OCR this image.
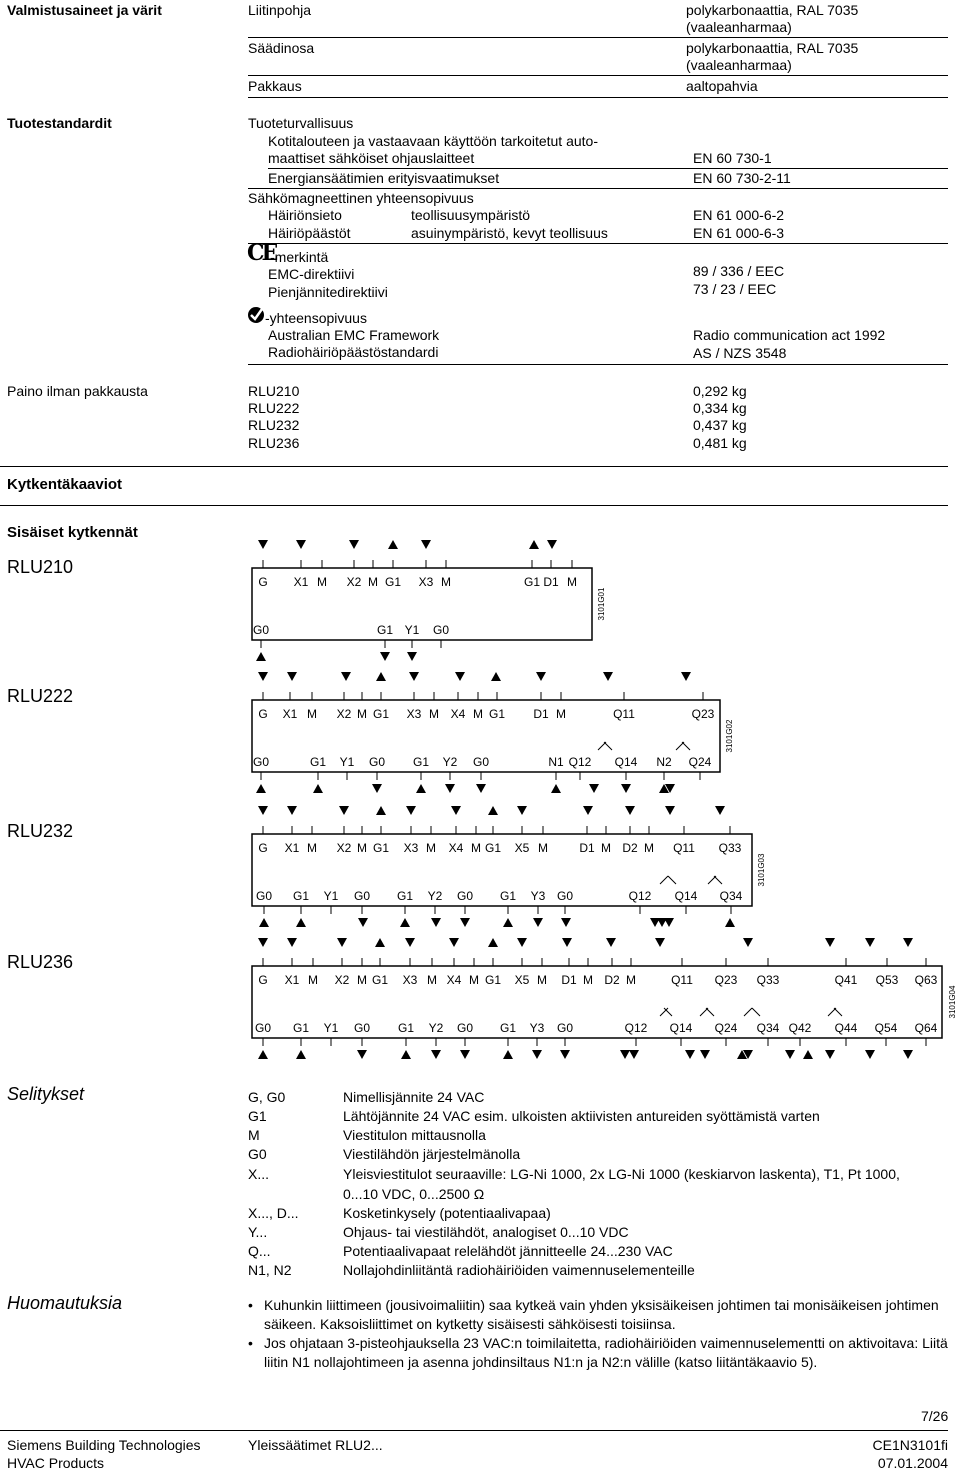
Valmistusaineet ja värit	Liitinpohja	polykarbonaattia, RAL 7035
(vaaleanharmaa)
Säädinosa	polykarbonaattia, RAL 7035
(vaaleanharmaa)
Pakkaus	aaltopahvia
Tuotestandardit	Tuoteturvallisuus
Kotitalouteen ja vastaavaan käyttöön tarkoitetut auto-
maattiset sähköiset ohjauslaitteet	EN 60 730-1
Energiansäätimien erityisvaatimukset	EN 60 730-2-11
Sähkömagneettinen yhteensopivuus
Häiriönsieto	teollisuusympäristö	EN 61 000-6-2
Häiriöpäästöt	asuinympäristö, kevyt teollisuus	EN 61 000-6-3
CE
-merkintä
EMC-direktiivi	89 / 336 / EEC
Pienjännitedirektiivi	73 / 23 / EEC
-yhteensopivuus
Australian EMC Framework	Radio communication act 1992
Radiohäiriöpäästöstandardi	AS / NZS 3548
Paino ilman pakkausta	RLU210	0,292 kg
RLU222	0,334 kg
RLU232	0,437 kg
RLU236	0,481 kg
Kytkentäkaaviot
Sisäiset kytkennät
RLU210
RLU222
RLU232
RLU236
G X1 M X2 M G1 X3 M	G1 D1 M
G0	G1 Y1 G0
3101G01
G X1 M X2 M G1 X3 M X4 M G1 D1 M	Q11	Q23
G0	G1 Y1 G0 G1 Y2 G0	N1 Q12 Q14 N2 Q24
3101G02
G X1 M X2 M G1 X3 M X4 M G1 X5 M	D1 M D2 M Q11 Q33
G0 G1 Y1 G0 G1 Y2 G0 G1 Y3 G0	Q12 Q14 Q34
3101G03
G X1 M X2 M G1 X3 M X4 M G1 X5 M D1 M D2 M	Q11 Q23 Q33	Q41 Q53 Q63
G0 G1 Y1 G0 G1 Y2 G0 G1 Y3 G0	Q12 Q14 Q24 Q34 Q42 Q44 Q54 Q64
3101G04
Selitykset	G, G0	Nimellisjännite 24 VAC
G1	Lähtöjännite 24 VAC esim. ulkoisten aktiivisten antureiden syöttämistä varten
M	Viestitulon mittausnolla
G0	Viestilähdön järjestelmänolla
X...	Yleisviestitulot seuraaville: LG-Ni 1000, 2x LG-Ni 1000 (keskiarvon laskenta), T1, Pt 1000,
0...10 VDC, 0...2500 Ω
X..., D...	Kosketinkysely (potentiaalivapaa)
Y...	Ohjaus- tai viestilähdöt, analogiset 0...10 VDC
Q...	Potentiaalivapaat relelähdöt jännitteelle 24...230 VAC
N1, N2	Nollajohdinliitäntä radiohäiriöiden vaimennuselementeille
Huomautuksia
•	Kuhunkin liittimeen (jousivoimaliitin) saa kytkeä vain yhden yksisäikeisen johtimen tai monisäikeisen johtimen säikeen. Kaksoisliittimet on kytketty sisäisesti sähköisesti toisiinsa.
• Jos ohjataan 3-pisteohjauksella 23 VAC:n toimilaitetta, radiohäiriöiden vaimennuselementti on aktivoitava: Liitä liitin N1 nollajohtimeen ja asenna johdinsiltaus N1:n ja N2:n välille (katso liitäntäkaavio 5).
7/26
Siemens Building Technologies
HVAC Products
Yleissäätimet RLU2...	CE1N3101fi
07.01.2004
